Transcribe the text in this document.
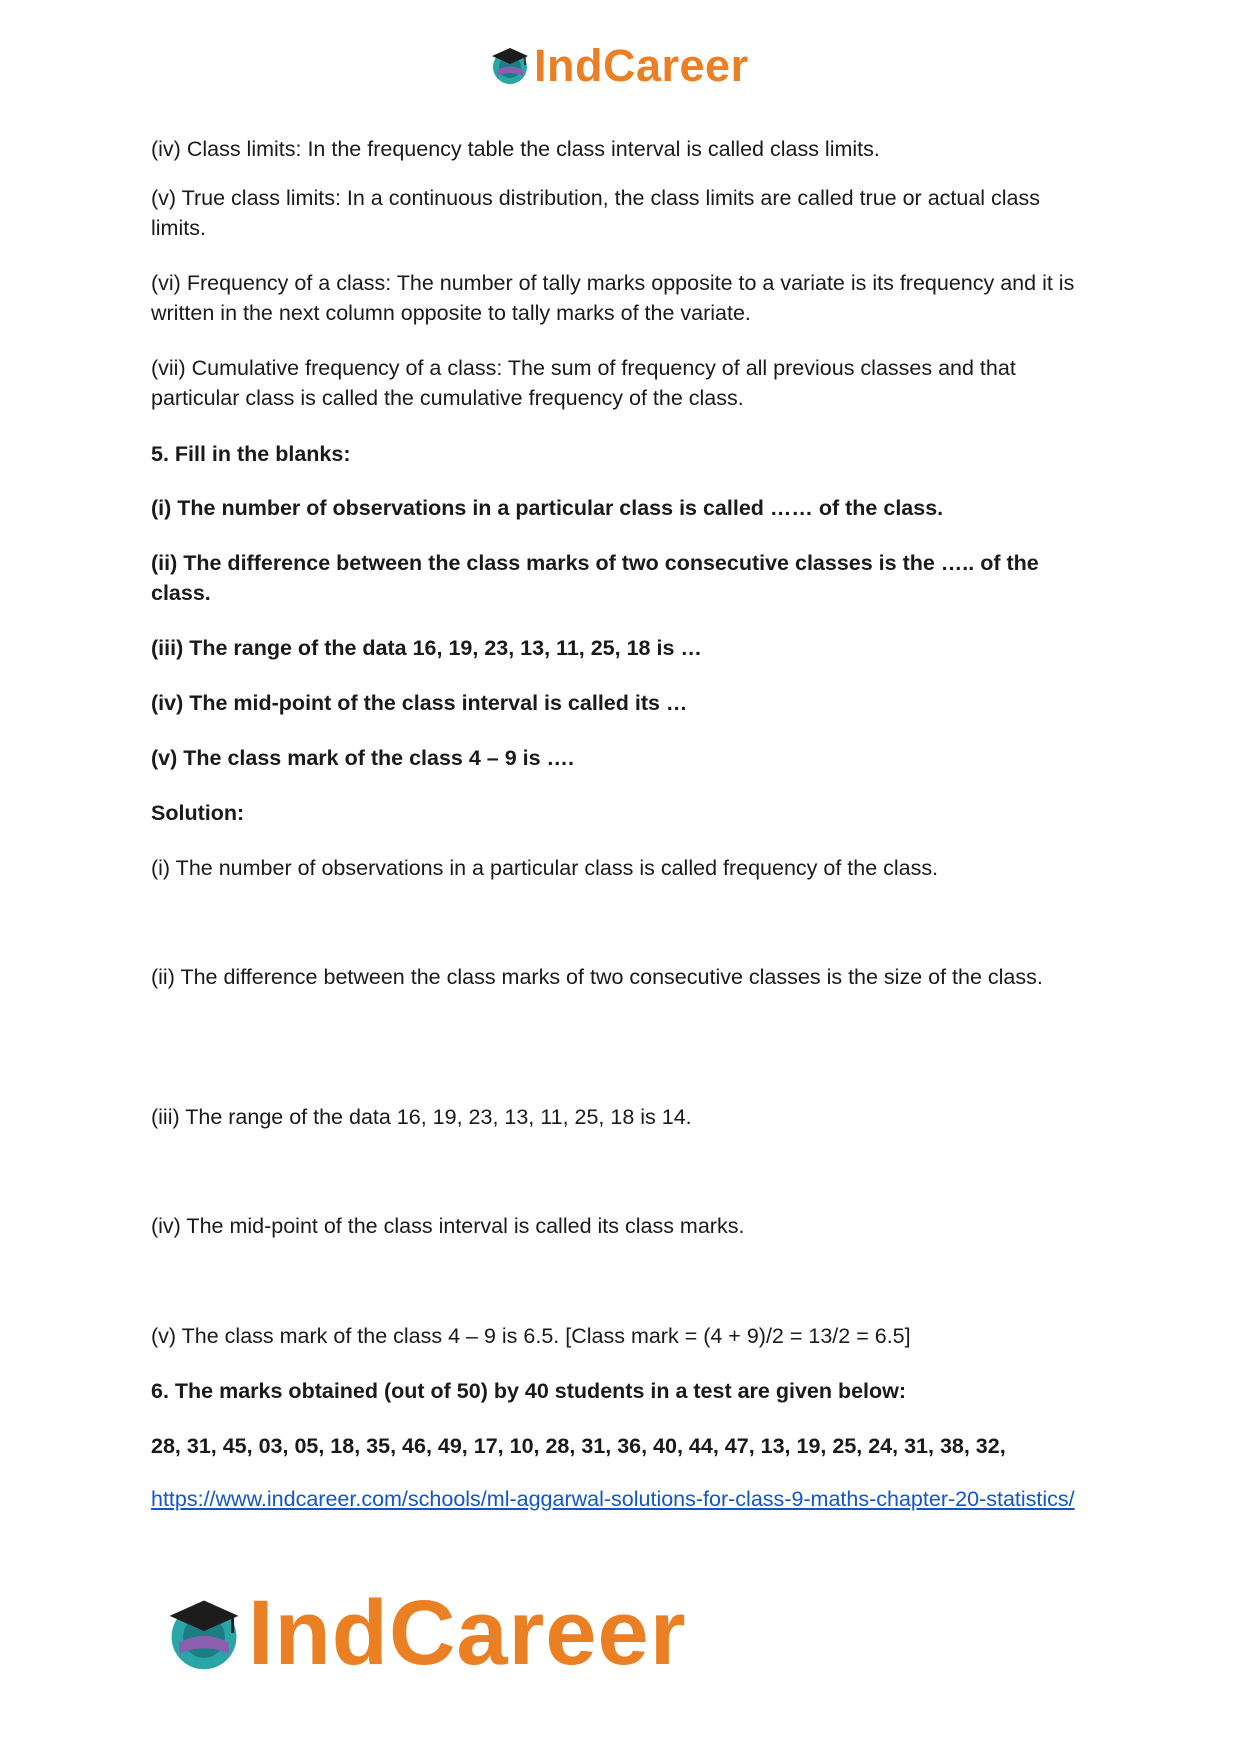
IndCareer

(iv) Class limits: In the frequency table the class interval is called class limits.

(v) True class limits: In a continuous distribution, the class limits are called true or actual class limits.

(vi) Frequency of a class: The number of tally marks opposite to a variate is its frequency and it is written in the next column opposite to tally marks of the variate.

(vii) Cumulative frequency of a class: The sum of frequency of all previous classes and that particular class is called the cumulative frequency of the class.

5. Fill in the blanks:

(i) The number of observations in a particular class is called …… of the class.

(ii) The difference between the class marks of two consecutive classes is the ….. of the class.

(iii) The range of the data 16, 19, 23, 13, 11, 25, 18 is …

(iv) The mid-point of the class interval is called its …

(v) The class mark of the class 4 – 9 is ….

Solution:

(i) The number of observations in a particular class is called frequency of the class.

(ii) The difference between the class marks of two consecutive classes is the size of the class.

(iii) The range of the data 16, 19, 23, 13, 11, 25, 18 is 14.

(iv) The mid-point of the class interval is called its class marks.

(v) The class mark of the class 4 – 9 is 6.5. [Class mark = (4 + 9)/2 = 13/2 = 6.5]

6. The marks obtained (out of 50) by 40 students in a test are given below:

28, 31, 45, 03, 05, 18, 35, 46, 49, 17, 10, 28, 31, 36, 40, 44, 47, 13, 19, 25, 24, 31, 38, 32,

https://www.indcareer.com/schools/ml-aggarwal-solutions-for-class-9-maths-chapter-20-statistics/
IndCareer
